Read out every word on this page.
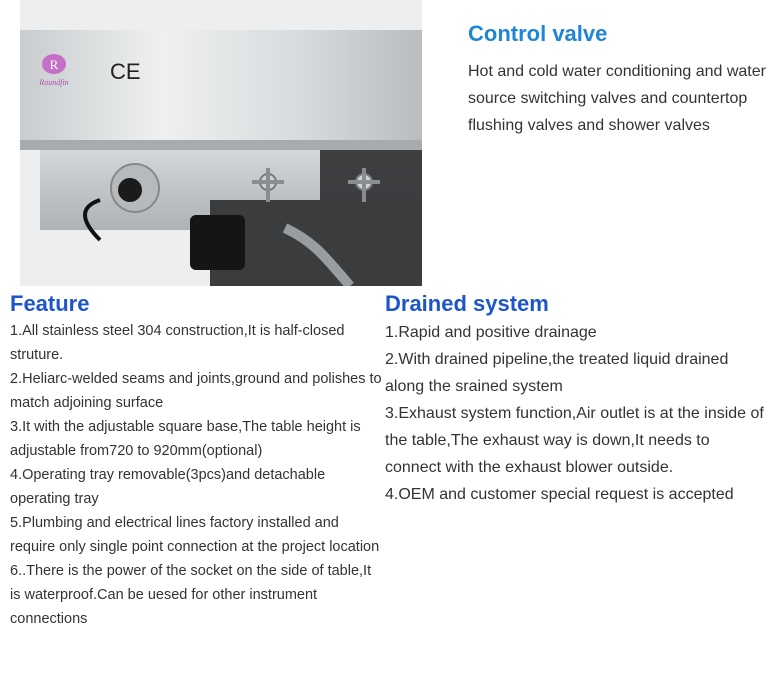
R
Roundfin CE
Control valve
Hot and cold water conditioning and water source switching valves and countertop flushing valves and shower valves
Feature

1.All stainless steel 304 construction,It is half-closed struture.

2.Heliarc-welded seams and joints,ground and polishes to match adjoining surface

3.It with the adjustable square base,The table height is adjustable from720 to 920mm(optional)

4.Operating tray removable(3pcs)and detachable operating tray

5.Plumbing and electrical lines factory installed and require only single point connection at the project location

6..There is the power of the socket on the side of table,It is waterproof.Can be uesed for other instrument connections

Drained system

1.Rapid and positive drainage

2.With drained pipeline,the treated liquid drained along the srained system

3.Exhaust system function,Air outlet is at the inside of the table,The exhaust way is down,It needs to connect with the exhaust blower outside.

4.OEM and customer special request is accepted
